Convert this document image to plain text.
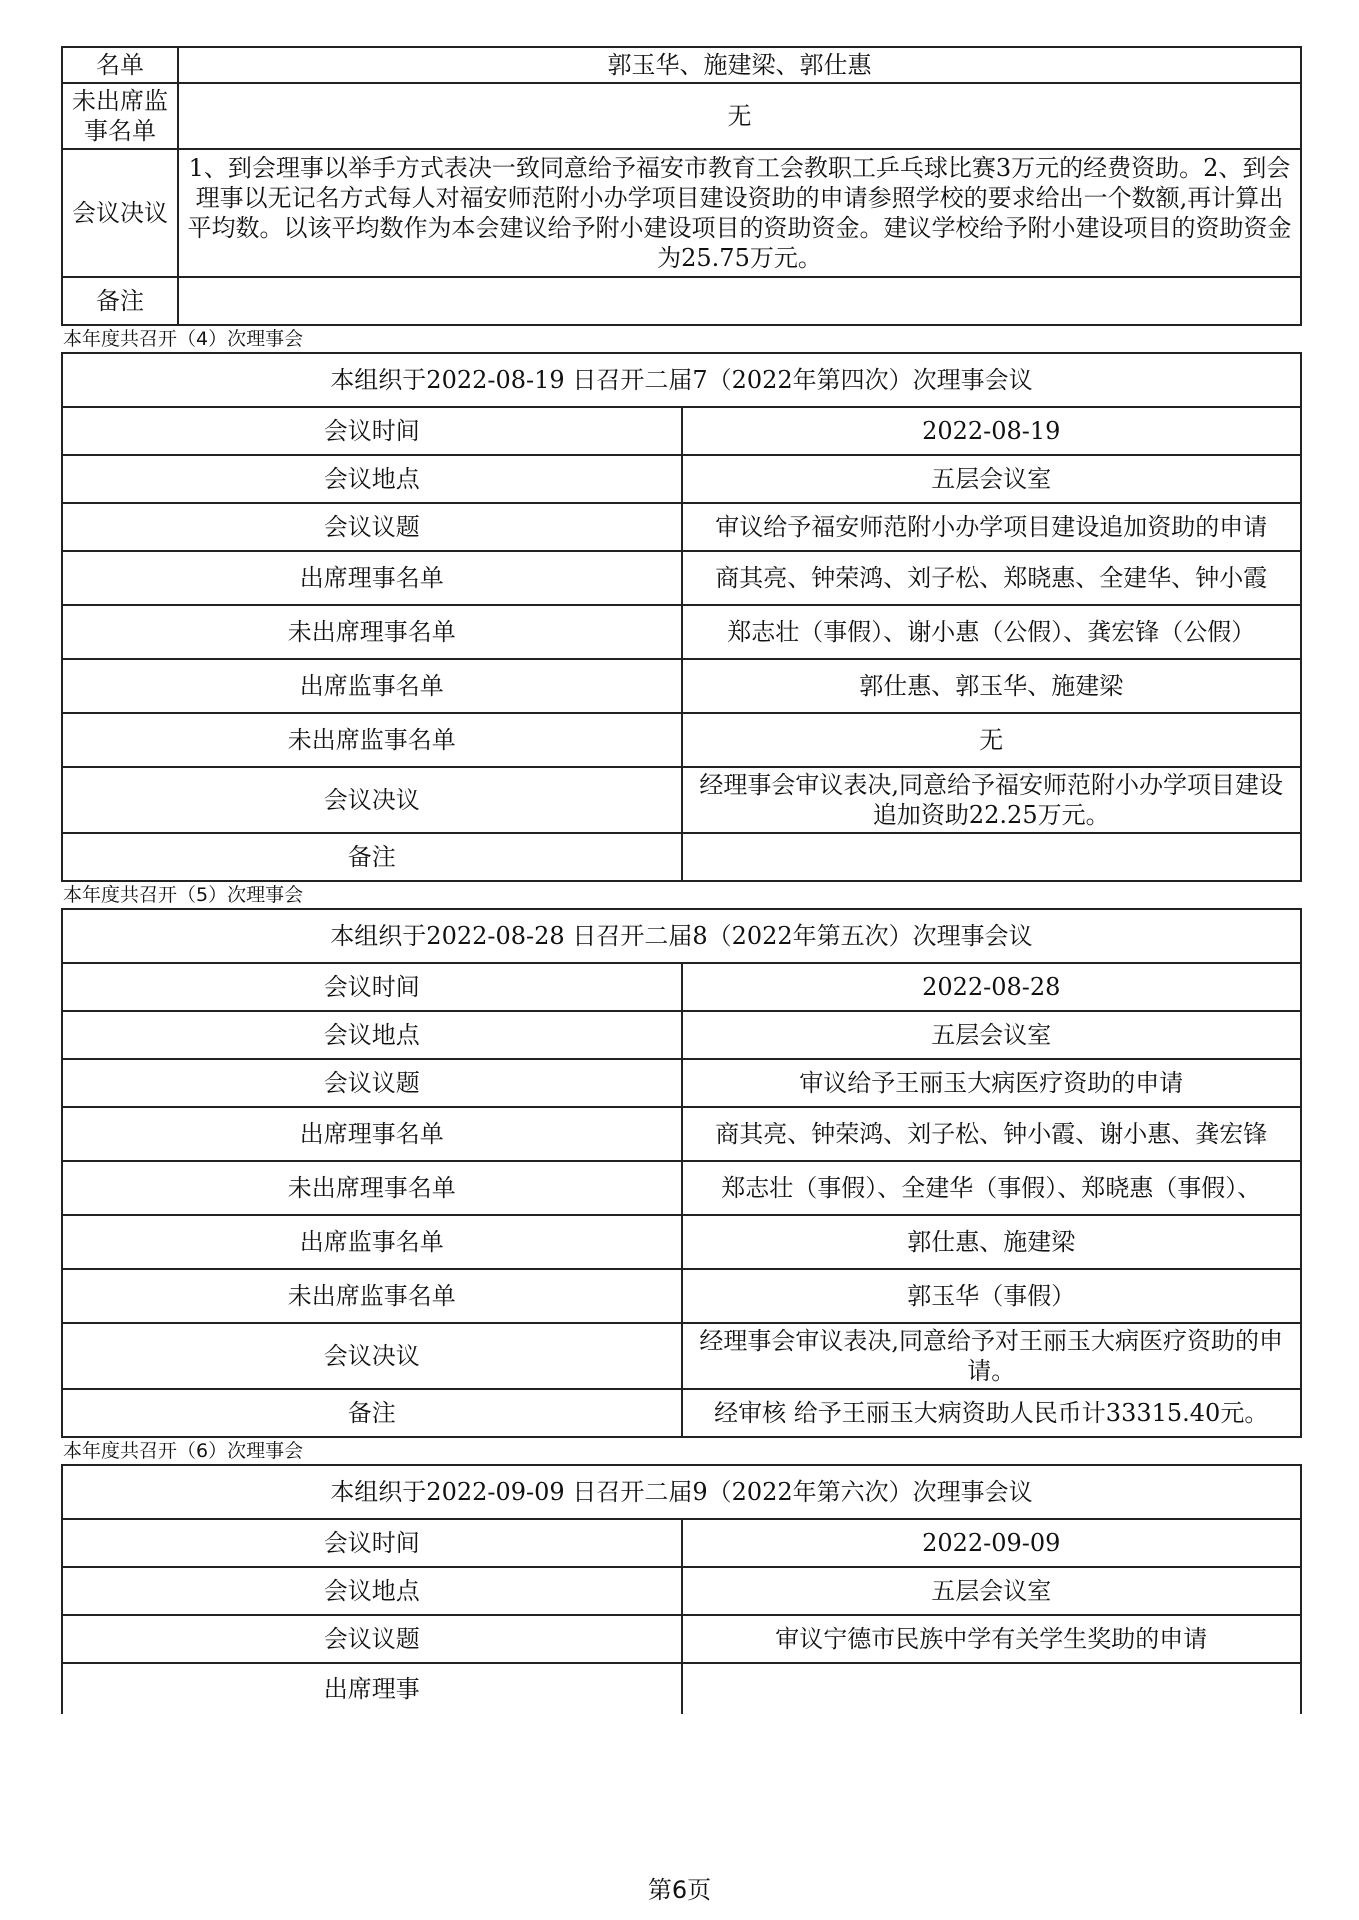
名单	郭玉华、施建梁、郭仕惠
未出席监事名单	无
会议决议	1、到会理事以举手方式表决一致同意给予福安市教育工会教职工乒乓球比赛3万元的经费资助。2、到会理事以无记名方式每人对福安师范附小办学项目建设资助的申请参照学校的要求给出一个数额,再计算出平均数。以该平均数作为本会建议给予附小建设项目的资助资金。建议学校给予附小建设项目的资助资金为25.75万元。
备注	
本年度共召开（4）次理事会
本组织于2022-08-19 日召开二届7（2022年第四次）次理事会议	
会议时间	2022-08-19
会议地点	五层会议室
会议议题	审议给予福安师范附小办学项目建设追加资助的申请
出席理事名单	商其亮、钟荣鸿、刘子松、郑晓惠、全建华、钟小霞
未出席理事名单	郑志壮（事假）、谢小惠（公假）、龚宏锋（公假）
出席监事名单	郭仕惠、郭玉华、施建梁
未出席监事名单	无
会议决议	经理事会审议表决,同意给予福安师范附小办学项目建设追加资助22.25万元。
备注	
本年度共召开（5）次理事会
本组织于2022-08-28 日召开二届8（2022年第五次）次理事会议	
会议时间	2022-08-28
会议地点	五层会议室
会议议题	审议给予王丽玉大病医疗资助的申请
出席理事名单	商其亮、钟荣鸿、刘子松、钟小霞、谢小惠、龚宏锋
未出席理事名单	郑志壮（事假）、全建华（事假）、郑晓惠（事假）、
出席监事名单	郭仕惠、施建梁
未出席监事名单	郭玉华（事假）
会议决议	经理事会审议表决,同意给予对王丽玉大病医疗资助的申请。
备注	经审核 给予王丽玉大病资助人民币计33315.40元。
本年度共召开（6）次理事会
本组织于2022-09-09 日召开二届9（2022年第六次）次理事会议	
会议时间	2022-09-09
会议地点	五层会议室
会议议题	审议宁德市民族中学有关学生奖助的申请
出席理事	
第6页
